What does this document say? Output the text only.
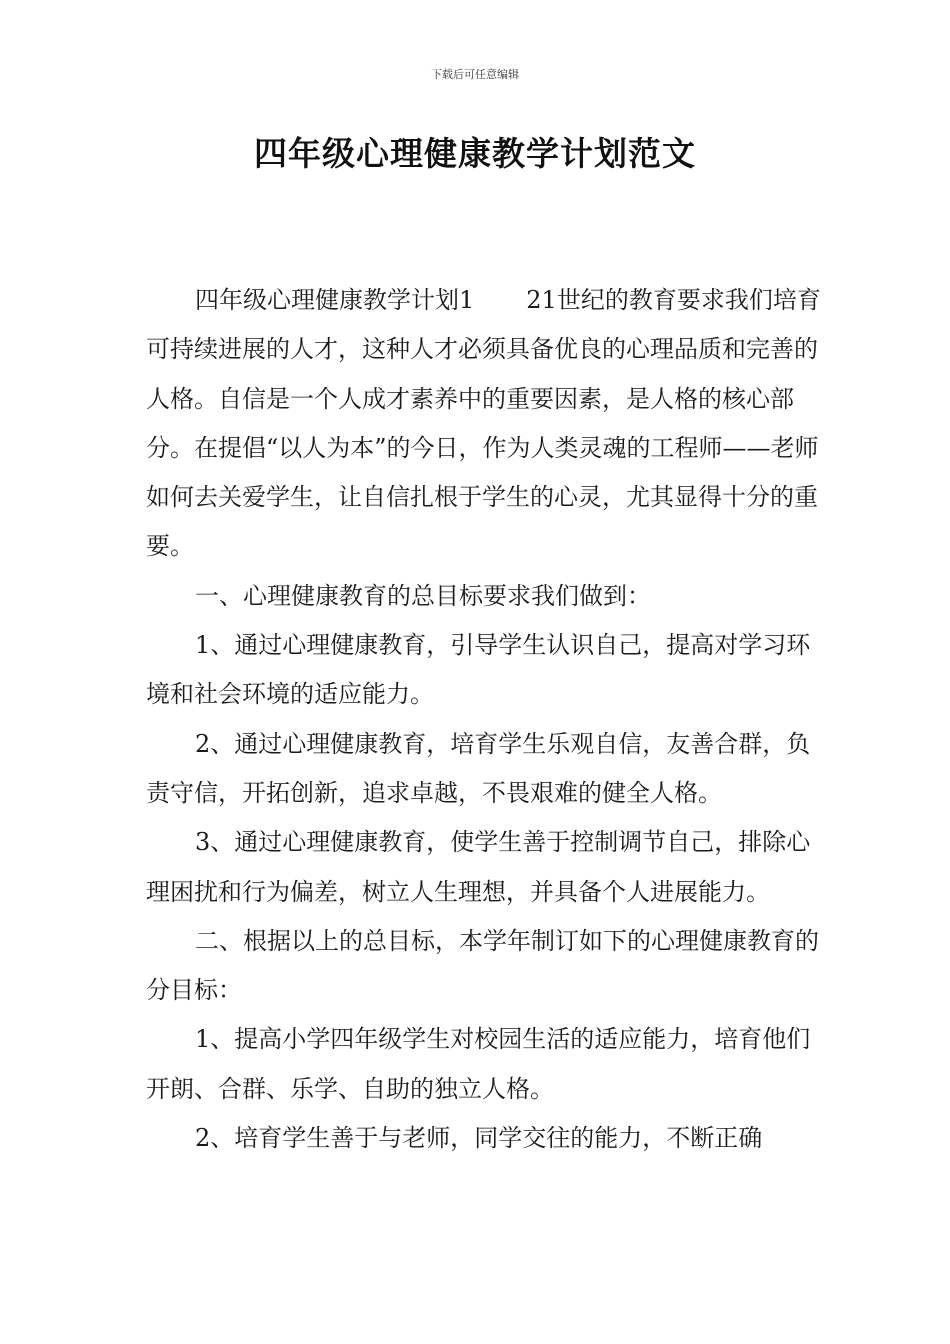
下载后可任意编辑
四年级心理健康教学计划范文

四年级心理健康教学计划1 21世纪的教育要求我们培育可持续进展的人才，这种人才必须具备优良的心理品质和完善的人格。自信是一个人成才素养中的重要因素，是人格的核心部分。在提倡“以人为本”的今日，作为人类灵魂的工程师——老师如何去关爱学生，让自信扎根于学生的心灵，尤其显得十分的重要。

一、心理健康教育的总目标要求我们做到：

1、通过心理健康教育，引导学生认识自己，提高对学习环境和社会环境的适应能力。

2、通过心理健康教育，培育学生乐观自信，友善合群，负责守信，开拓创新，追求卓越，不畏艰难的健全人格。

3、通过心理健康教育，使学生善于控制调节自己，排除心理困扰和行为偏差，树立人生理想，并具备个人进展能力。

二、根据以上的总目标，本学年制订如下的心理健康教育的分目标：

1、提高小学四年级学生对校园生活的适应能力，培育他们开朗、合群、乐学、自助的独立人格。

2、培育学生善于与老师，同学交往的能力，不断正确
